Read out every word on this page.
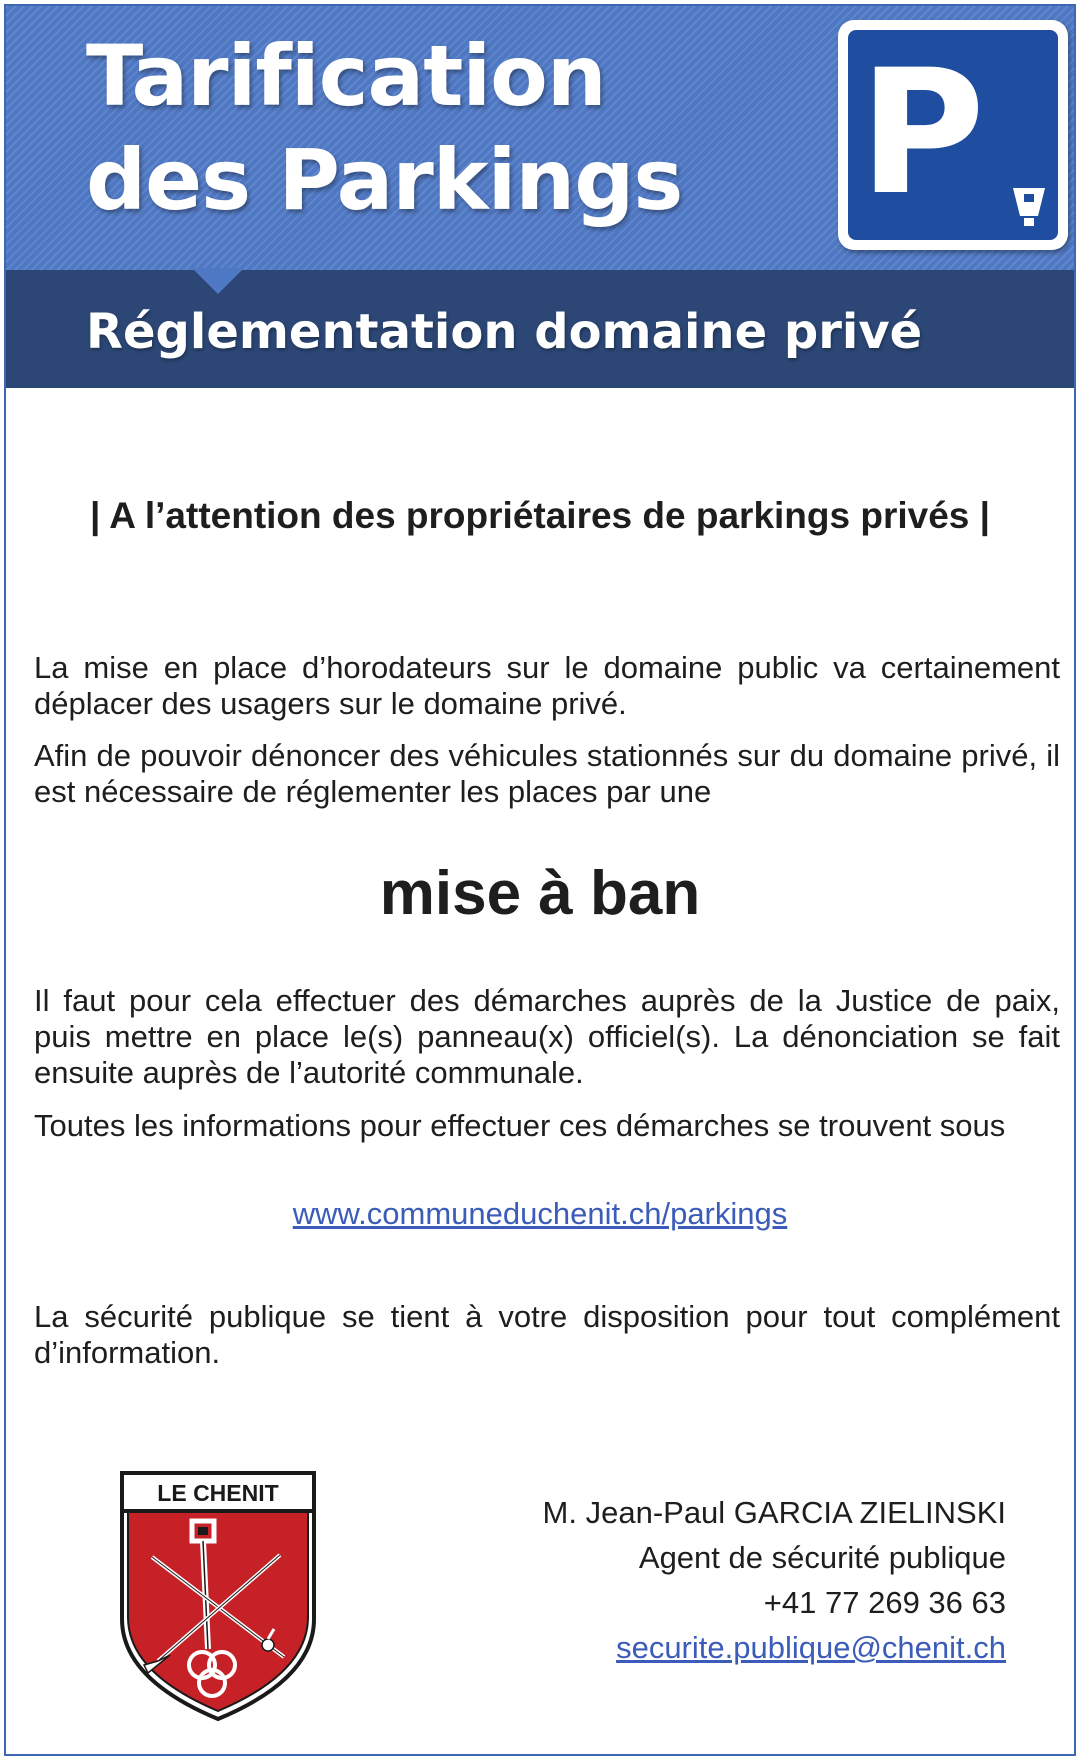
Tarification des Parkings	P
Réglementation domaine privé

| A l’attention des propriétaires de parkings privés |

La mise en place d’horodateurs sur le domaine public va certainement déplacer des usagers sur le domaine privé.

Afin de pouvoir dénoncer des véhicules stationnés sur du domaine privé, il est nécessaire de réglementer les places par une

mise à ban

Il faut pour cela effectuer des démarches auprès de la Justice de paix, puis mettre en place le(s) panneau(x) officiel(s). La dénonciation se fait ensuite auprès de l’autorité communale.

Toutes les informations pour effectuer ces démarches se trouvent sous

www.communeduchenit.ch/parkings

La sécurité publique se tient à votre disposition pour tout complément d’information.

LE CHENIT
M. Jean-Paul GARCIA ZIELINSKI
Agent de sécurité publique
+41 77 269 36 63
securite.publique@chenit.ch
